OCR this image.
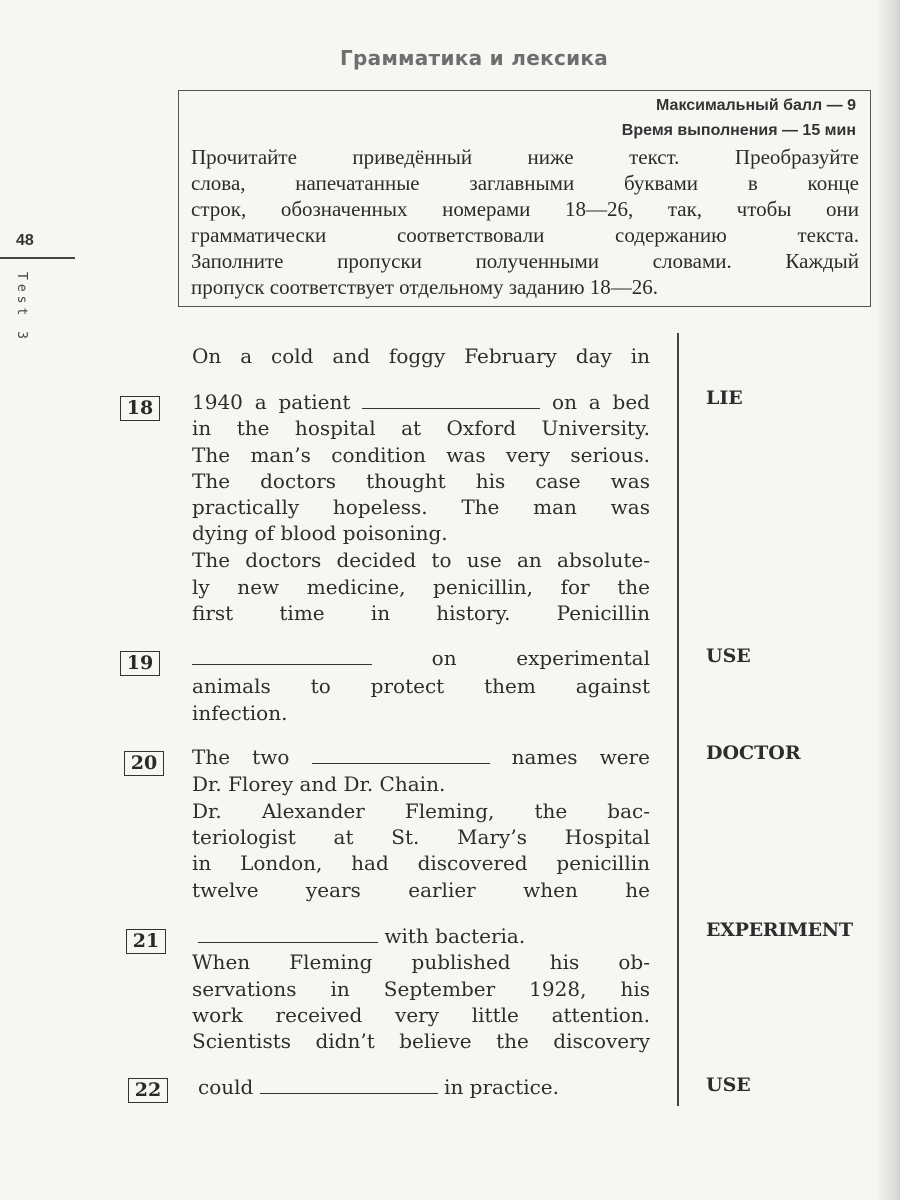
Грамматика и лексика
Максимальный балл — 9
Время выполнения — 15 мин
Прочитайте приведённый ниже текст. Преобразуйте
слова, напечатанные заглавными буквами в конце
строк, обозначенных номерами 18—26, так, чтобы они
грамматически соответствовали содержанию текста.
Заполните пропуски полученными словами. Каждый
пропуск соответствует отдельному заданию 18—26.
48
Test 3
On a cold and foggy February day in
1940 a patient	on a bed
in the hospital at Oxford University.
The man’s condition was very serious.
The doctors thought his case was
practically hopeless. The man was
dying of blood poisoning.
The doctors decided to use an absolute-
ly new medicine, penicillin, for the
first time in history. Penicillin
on experimental
animals to protect them against
infection.
The two	names were
Dr. Florey and Dr. Chain.
Dr. Alexander Fleming, the bac-
teriologist at St. Mary’s Hospital
in London, had discovered penicillin
twelve years earlier when he
with bacteria.
When Fleming published his ob-
servations in September 1928, his
work received very little attention.
Scientists didn’t believe the discovery
could	in practice.
18
19
20
21
22
LIE
USE
DOCTOR
EXPERIMENT
USE
